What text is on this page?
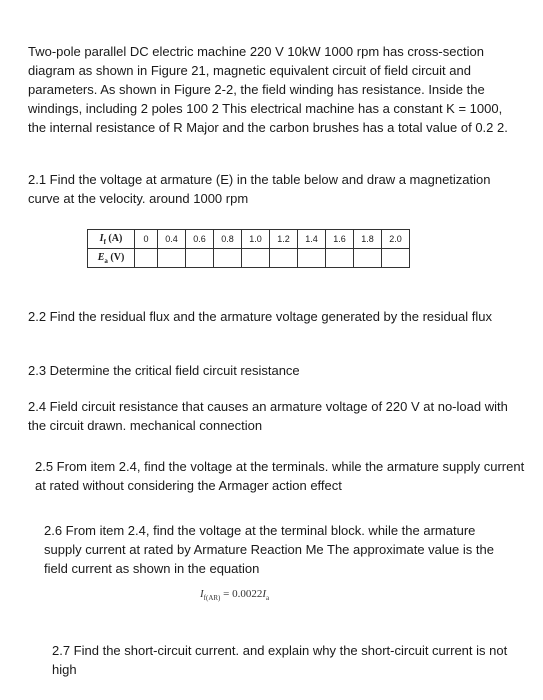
Two-pole parallel DC electric machine 220 V 10kW 1000 rpm has cross-section diagram as shown in Figure 21, magnetic equivalent circuit of field circuit and parameters. As shown in Figure 2-2, the field winding has resistance. Inside the windings, including 2 poles 100 2 This electrical machine has a constant K = 1000, the internal resistance of R Major and the carbon brushes has a total value of 0.2 2.

2.1 Find the voltage at armature (E) in the table below and draw a magnetization curve at the velocity. around 1000 rpm

$I_f$ (A)	0	0.4	0.6	0.8	1.0	1.2	1.4	1.6	1.8	2.0
$E_a$ (V)										

2.2 Find the residual flux and the armature voltage generated by the residual flux

2.3 Determine the critical field circuit resistance

2.4 Field circuit resistance that causes an armature voltage of 220 V at no-load with the circuit drawn. mechanical connection

2.5 From item 2.4, find the voltage at the terminals. while the armature supply current at rated without considering the Armager action effect

2.6 From item 2.4, find the voltage at the terminal block. while the armature supply current at rated by Armature Reaction Me The approximate value is the field current as shown in the equation

$I_{f(AR)} = 0.0022I_a$

2.7 Find the short-circuit current. and explain why the short-circuit current is not high
